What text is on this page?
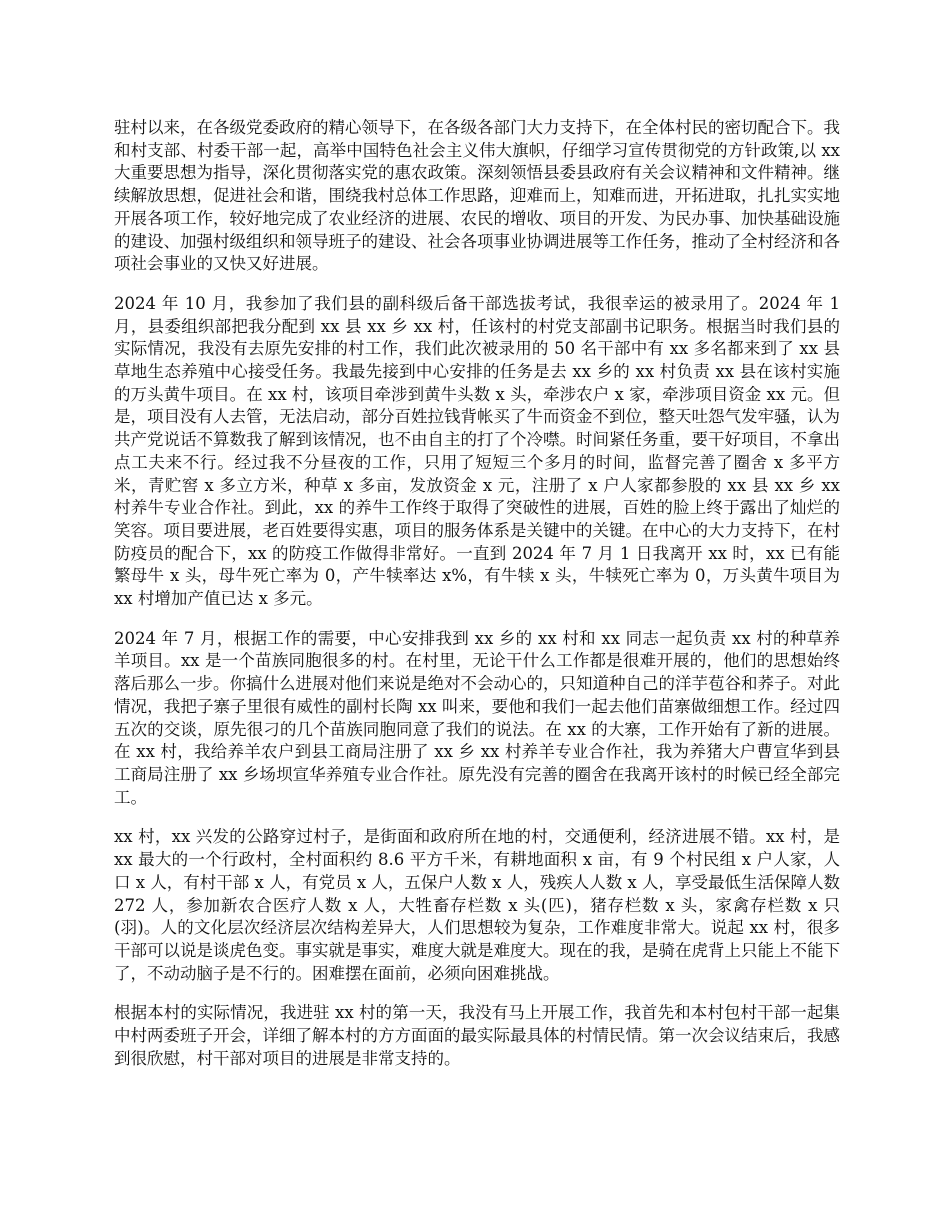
驻村以来，在各级党委政府的精心领导下，在各级各部门大力支持下，在全体村民的密切配合下。我和村支部、村委干部一起，高举中国特色社会主义伟大旗帜，仔细学习宣传贯彻党的方针政策,以 xx 大重要思想为指导，深化贯彻落实党的惠农政策。深刻领悟县委县政府有关会议精神和文件精神。继续解放思想，促进社会和谐，围绕我村总体工作思路，迎难而上，知难而进，开拓进取，扎扎实实地开展各项工作，较好地完成了农业经济的进展、农民的增收、项目的开发、为民办事、加快基础设施的建设、加强村级组织和领导班子的建设、社会各项事业协调进展等工作任务，推动了全村经济和各项社会事业的又快又好进展。

2024 年 10 月，我参加了我们县的副科级后备干部选拔考试，我很幸运的被录用了。2024 年 1 月，县委组织部把我分配到 xx 县 xx 乡 xx 村，任该村的村党支部副书记职务。根据当时我们县的实际情况，我没有去原先安排的村工作，我们此次被录用的 50 名干部中有 xx 多名都来到了 xx 县草地生态养殖中心接受任务。我最先接到中心安排的任务是去 xx 乡的 xx 村负责 xx 县在该村实施的万头黄牛项目。在 xx 村，该项目牵涉到黄牛头数 x 头，牵涉农户 x 家，牵涉项目资金 xx 元。但是，项目没有人去管，无法启动，部分百姓拉钱背帐买了牛而资金不到位，整天吐怨气发牢骚，认为共产党说话不算数我了解到该情况，也不由自主的打了个冷噤。时间紧任务重，要干好项目，不拿出点工夫来不行。经过我不分昼夜的工作，只用了短短三个多月的时间，监督完善了圈舍 x 多平方米，青贮窖 x 多立方米，种草 x 多亩，发放资金 x 元，注册了 x 户人家都参股的 xx 县 xx 乡 xx 村养牛专业合作社。到此，xx 的养牛工作终于取得了突破性的进展，百姓的脸上终于露出了灿烂的笑容。项目要进展，老百姓要得实惠，项目的服务体系是关键中的关键。在中心的大力支持下，在村防疫员的配合下，xx 的防疫工作做得非常好。一直到 2024 年 7 月 1 日我离开 xx 时，xx 已有能繁母牛 x 头，母牛死亡率为 0，产牛犊率达 x%，有牛犊 x 头，牛犊死亡率为 0，万头黄牛项目为 xx 村增加产值已达 x 多元。

2024 年 7 月，根据工作的需要，中心安排我到 xx 乡的 xx 村和 xx 同志一起负责 xx 村的种草养羊项目。xx 是一个苗族同胞很多的村。在村里，无论干什么工作都是很难开展的，他们的思想始终落后那么一步。你搞什么进展对他们来说是绝对不会动心的，只知道种自己的洋芋苞谷和荞子。对此情况，我把子寨子里很有威性的副村长陶 xx 叫来，要他和我们一起去他们苗寨做细想工作。经过四五次的交谈，原先很刁的几个苗族同胞同意了我们的说法。在 xx 的大寨，工作开始有了新的进展。在 xx 村，我给养羊农户到县工商局注册了 xx 乡 xx 村养羊专业合作社，我为养猪大户曹宣华到县工商局注册了 xx 乡场坝宣华养殖专业合作社。原先没有完善的圈舍在我离开该村的时候已经全部完工。

xx 村，xx 兴发的公路穿过村子，是街面和政府所在地的村，交通便利，经济进展不错。xx 村，是 xx 最大的一个行政村，全村面积约 8.6 平方千米，有耕地面积 x 亩，有 9 个村民组 x 户人家，人口 x 人，有村干部 x 人，有党员 x 人，五保户人数 x 人，残疾人人数 x 人，享受最低生活保障人数 272 人，参加新农合医疗人数 x 人，大牲畜存栏数 x 头(匹)，猪存栏数 x 头，家禽存栏数 x 只(羽)。人的文化层次经济层次结构差异大，人们思想较为复杂，工作难度非常大。说起 xx 村，很多干部可以说是谈虎色变。事实就是事实，难度大就是难度大。现在的我，是骑在虎背上只能上不能下了，不动动脑子是不行的。困难摆在面前，必须向困难挑战。

根据本村的实际情况，我进驻 xx 村的第一天，我没有马上开展工作，我首先和本村包村干部一起集中村两委班子开会，详细了解本村的方方面面的最实际最具体的村情民情。第一次会议结束后，我感到很欣慰，村干部对项目的进展是非常支持的。
